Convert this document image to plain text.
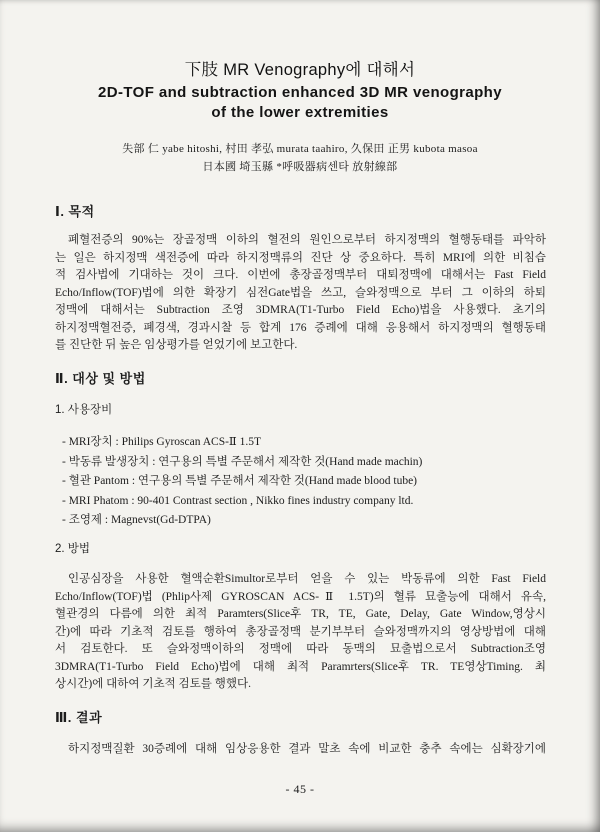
下肢 MR Venography에 대해서
2D-TOF and subtraction enhanced 3D MR venography
of the lower extremities
失部 仁 yabe hitoshi, 村田 孝弘 murata taahiro, 久保田 正男 kubota masoa
日本國 埼玉縣 *呼吸器病센타 放射線部
Ⅰ. 목적
폐혈전증의 90%는 장골정맥 이하의 혈전의 원인으로부터 하지정맥의 혈행동태를 파악하
는 일은 하지정맥 색전증에 따라 하지정맥류의 진단 상 중요하다. 특히 MRI에 의한 비침습
적 검사법에 기대하는 것이 크다. 이번에 총장골정맥부터 대퇴정맥에 대해서는 Fast Field
Echo/Inflow(TOF)법에 의한 확장기 심전Gate법을 쓰고, 슬와정맥으로 부터 그 이하의 하퇴
정맥에 대해서는 Subtraction 조영 3DMRA(T1-Turbo Field Echo)법을 사용했다. 초기의
하지정맥혈전증, 폐경색, 경과시찰 등 합계 176 증례에 대해 응용해서 하지정맥의 혈행동태
를 진단한 뒤 높은 임상평가를 얻었기에 보고한다.
Ⅱ. 대상 및 방법
1. 사용장비
- MRI장치 : Philips Gyroscan ACS-Ⅱ 1.5T
- 박동류 발생장치 : 연구용의 특별 주문해서 제작한 것(Hand made machin)
- 혈관 Pantom : 연구용의 특별 주문해서 제작한 것(Hand made blood tube)
- MRI Phatom : 90-401 Contrast section , Nikko fines industry company ltd.
- 조영제 : Magnevst(Gd-DTPA)
2. 방법
인공심장을 사용한 혈액순환Simultor로부터 얻을 수 있는 박동류에 의한 Fast Field
Echo/Inflow(TOF)법 (Phlip사제 GYROSCAN ACS-Ⅱ 1.5T)의 혈류 묘출능에 대해서 유속,
혈관경의 다름에 의한 최적 Paramters(Slice후 TR, TE, Gate, Delay, Gate Window,영상시
간)에 따라 기초적 검토를 행하여 총장골정맥 분기부부터 슬와정맥까지의 영상방법에 대해
서 검토한다. 또 슬와정맥이하의 정맥에 따라 동맥의 묘출법으로서 Subtraction조영
3DMRA(T1-Turbo Field Echo)법에 대해 최적 Paramrters(Slice후 TR. TE영상Timing. 최
상시간)에 대하여 기초적 검토를 행했다.
Ⅲ. 결과
하지정맥질환 30증례에 대해 임상응용한 결과 말초 속에 비교한 충추 속에는 심확장기에
- 45 -
